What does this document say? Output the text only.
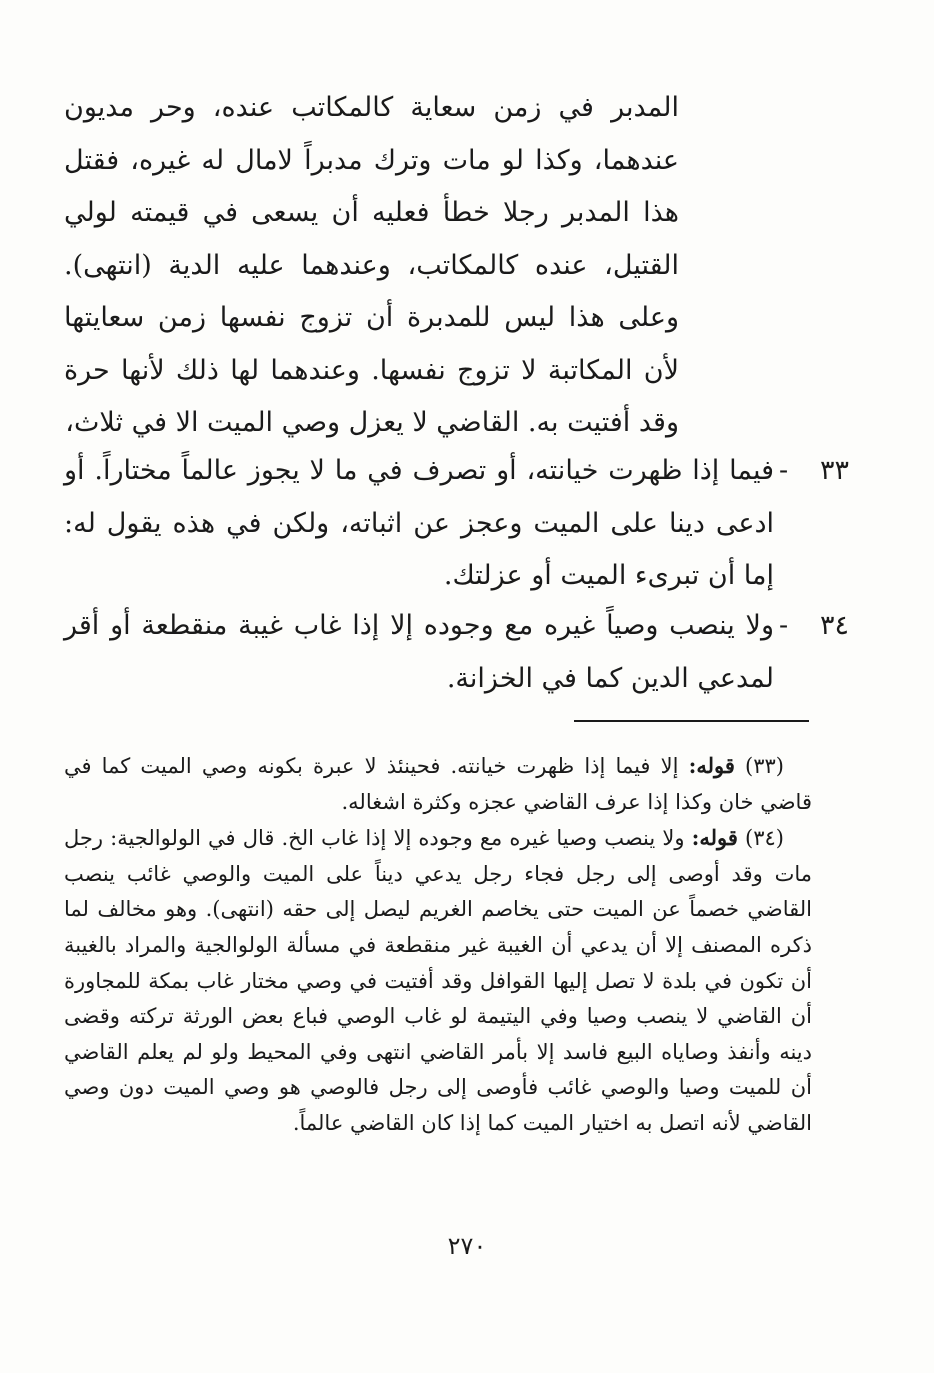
المدبر في زمن سعاية كالمكاتب عنده، وحر مديون عندهما، وكذا لو مات وترك مدبراً لامال له غيره، فقتل هذا المدبر رجلا خطأ فعليه أن يسعى في قيمته لولي القتيل، عنده كالمكاتب، وعندهما عليه الدية (انتهى). وعلى هذا ليس للمدبرة أن تزوج نفسها زمن سعايتها لأن المكاتبة لا تزوج نفسها. وعندهما لها ذلك لأنها حرة وقد أفتيت به. القاضي لا يعزل وصي الميت الا في ثلاث،

٣٣
-
فيما إذا ظهرت خيانته، أو تصرف في ما لا يجوز عالماً مختاراً. أو ادعى دينا على الميت وعجز عن اثباته، ولكن في هذه يقول له: إما أن تبرىء الميت أو عزلتك.
٣٤
-
ولا ينصب وصياً غيره مع وجوده إلا إذا غاب غيبة منقطعة أو أقر لمدعي الدين كما في الخزانة.

(٣٣) قوله: إلا فيما إذا ظهرت خيانته. فحينئذ لا عبرة بكونه وصي الميت كما في قاضي خان وكذا إذا عرف القاضي عجزه وكثرة اشغاله.

(٣٤) قوله: ولا ينصب وصيا غيره مع وجوده إلا إذا غاب الخ. قال في الولوالجية: رجل مات وقد أوصى إلى رجل فجاء رجل يدعي ديناً على الميت والوصي غائب ينصب القاضي خصماً عن الميت حتى يخاصم الغريم ليصل إلى حقه (انتهى). وهو مخالف لما ذكره المصنف إلا أن يدعي أن الغيبة غير منقطعة في مسألة الولوالجية والمراد بالغيبة أن تكون في بلدة لا تصل إليها القوافل وقد أفتيت في وصي مختار غاب بمكة للمجاورة أن القاضي لا ينصب وصيا وفي اليتيمة لو غاب الوصي فباع بعض الورثة تركته وقضى دينه وأنفذ وصاياه البيع فاسد إلا بأمر القاضي انتهى وفي المحيط ولو لم يعلم القاضي أن للميت وصيا والوصي غائب فأوصى إلى رجل فالوصي هو وصي الميت دون وصي القاضي لأنه اتصل به اختيار الميت كما إذا كان القاضي عالماً.

٢٧٠
